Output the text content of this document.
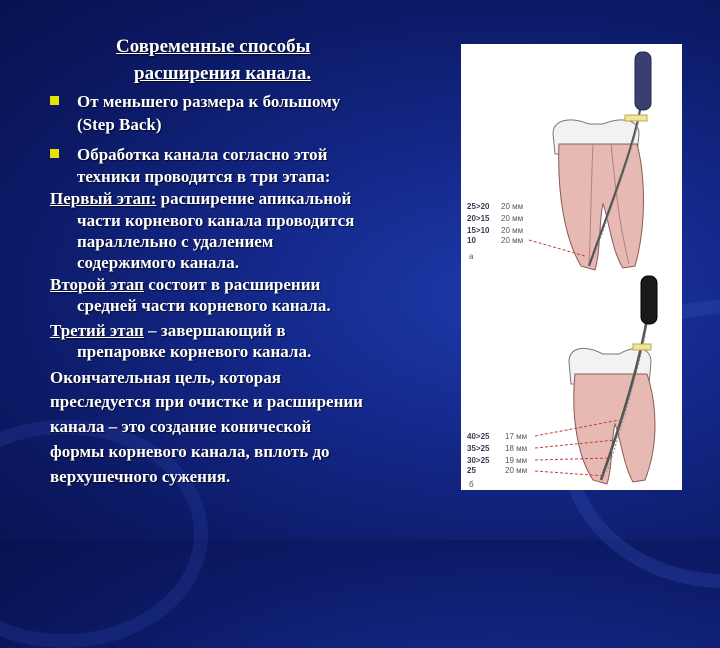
Современные способы
расширения канала.
От меньшего размера к большому
(Step Back)
Обработка канала согласно этой
техники проводится в три этапа:
Первый этап: расширение апикальной
части корневого канала проводится
параллельно с удалением
содержимого канала.
Второй этап состоит в расширении
средней части корневого канала.
Третий этап – завершающий в
препаровке корневого канала.
Окончательная цель, которая
преследуется при очистке и расширении
канала – это создание конической
формы корневого канала, вплоть до
верхушечного сужения.
25>20 20 мм
20>15 20 мм
15>10 20 мм
10	20 мм
а
40>25 17 мм
35>25 18 мм
30>25 19 мм
25	20 мм
б
